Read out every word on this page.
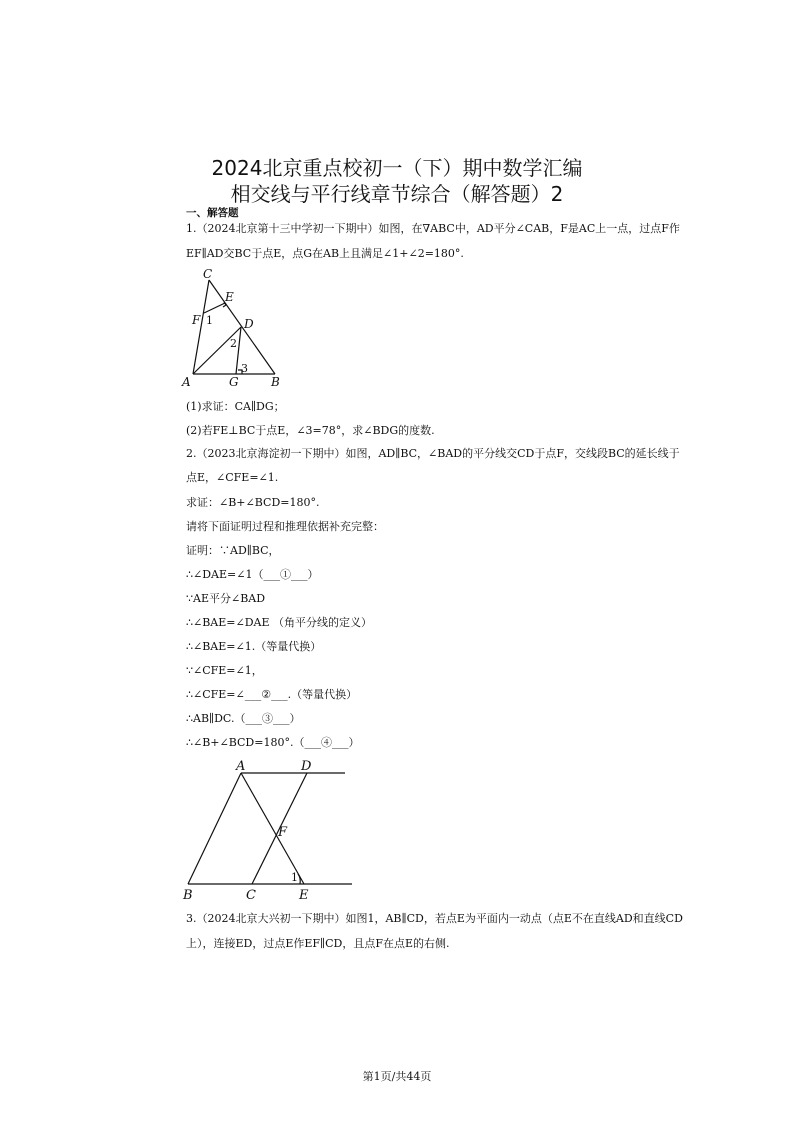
2024北京重点校初一（下）期中数学汇编
相交线与平行线章节综合（解答题）2
一、解答题
1.（2024北京第十三中学初一下期中）如图，在∇ABC中，AD平分∠CAB，F是AC上一点，过点F作
EF∥AD交BC于点E，点G在AB上且满足∠1+∠2=180°.
C
E
F	D
A	G	B
1
2
3
(1)求证：CA∥DG；
(2)若FE⊥BC于点E，∠3=78°，求∠BDG的度数.
2.（2023北京海淀初一下期中）如图，AD∥BC，∠BAD的平分线交CD于点F，交线段BC的延长线于
点E，∠CFE=∠1.
求证：∠B+∠BCD=180°.
请将下面证明过程和推理依据补充完整：
证明：∵AD∥BC，
∴∠DAE=∠1（___①___）
∵AE平分∠BAD
∴∠BAE=∠DAE （角平分线的定义）
∴∠BAE=∠1.（等量代换）
∵∠CFE=∠1，
∴∠CFE=∠___②___.（等量代换）
∴AB∥DC.（___③___）
∴∠B+∠BCD=180°.（___④___）
A	D
F
B	C	E
1
3.（2024北京大兴初一下期中）如图1，AB∥CD，若点E为平面内一动点（点E不在直线AD和直线CD
上），连接ED，过点E作EF∥CD，且点F在点E的右侧.
第1页/共44页
